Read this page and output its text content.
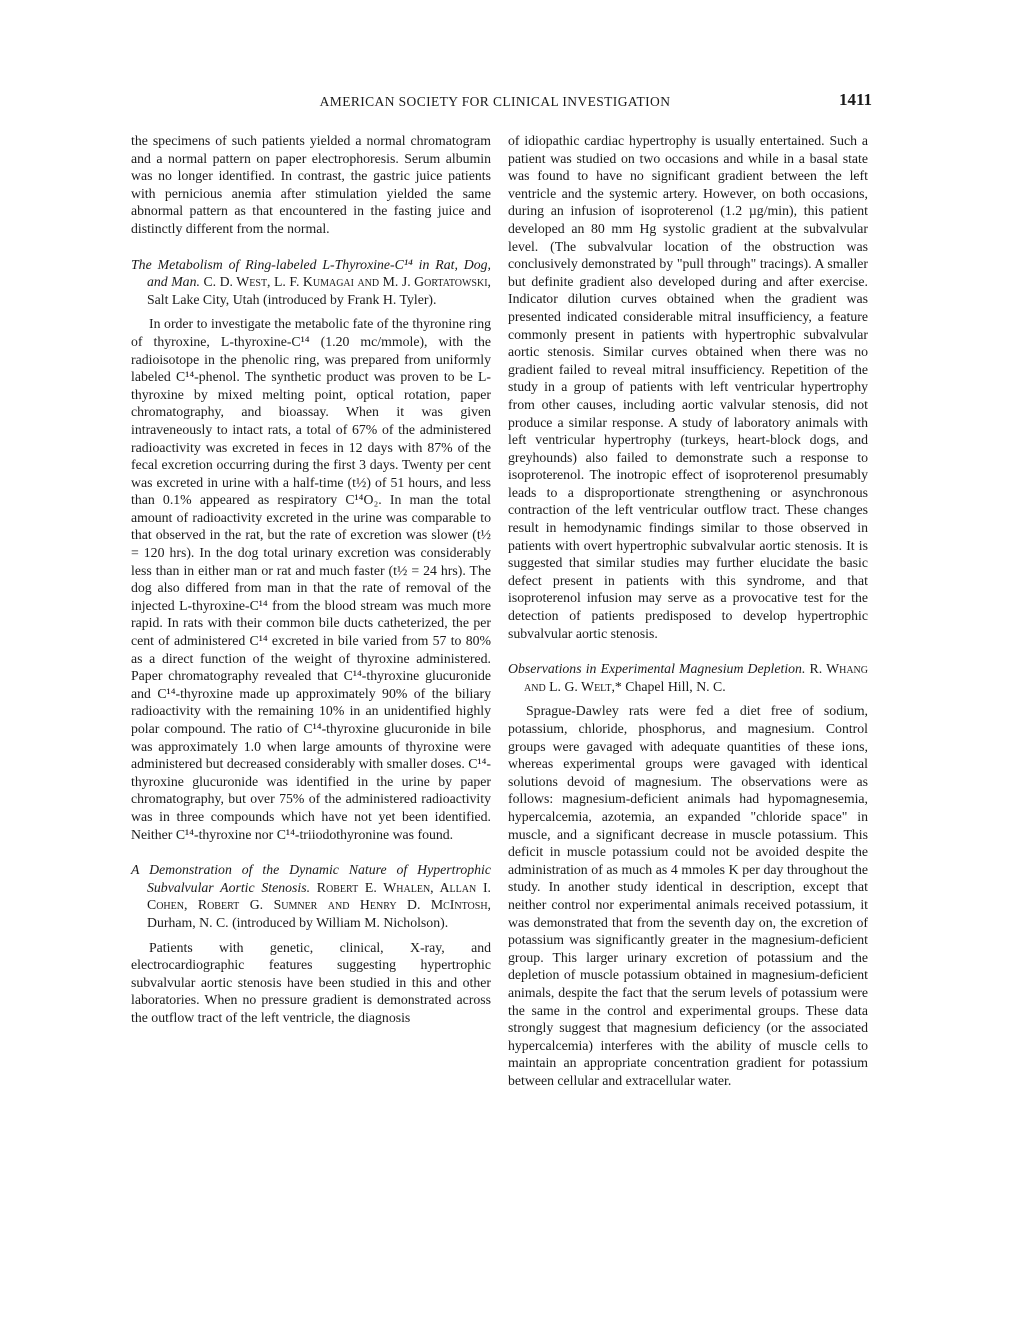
AMERICAN SOCIETY FOR CLINICAL INVESTIGATION	1411

the specimens of such patients yielded a normal chromatogram and a normal pattern on paper electrophoresis. Serum albumin was no longer identified. In contrast, the gastric juice patients with pernicious anemia after stimulation yielded the same abnormal pattern as that encountered in the fasting juice and distinctly different from the normal.

The Metabolism of Ring-labeled L-Thyroxine-C¹⁴ in Rat, Dog, and Man. C. D. West, L. F. Kumagai and M. J. Gortatowski, Salt Lake City, Utah (introduced by Frank H. Tyler).

In order to investigate the metabolic fate of the thyronine ring of thyroxine, L-thyroxine-C¹⁴ (1.20 mc/mmole), with the radioisotope in the phenolic ring, was prepared from uniformly labeled C¹⁴-phenol. The synthetic product was proven to be L-thyroxine by mixed melting point, optical rotation, paper chromatography, and bioassay. When it was given intraveneously to intact rats, a total of 67% of the administered radioactivity was excreted in feces in 12 days with 87% of the fecal excretion occurring during the first 3 days. Twenty per cent was excreted in urine with a half-time (t½) of 51 hours, and less than 0.1% appeared as respiratory C¹⁴O₂. In man the total amount of radioactivity excreted in the urine was comparable to that observed in the rat, but the rate of excretion was slower (t½ = 120 hrs). In the dog total urinary excretion was considerably less than in either man or rat and much faster (t½ = 24 hrs). The dog also differed from man in that the rate of removal of the injected L-thyroxine-C¹⁴ from the blood stream was much more rapid. In rats with their common bile ducts catheterized, the per cent of administered C¹⁴ excreted in bile varied from 57 to 80% as a direct function of the weight of thyroxine administered. Paper chromatography revealed that C¹⁴-thyroxine glucuronide and C¹⁴-thyroxine made up approximately 90% of the biliary radioactivity with the remaining 10% in an unidentified highly polar compound. The ratio of C¹⁴-thyroxine glucuronide in bile was approximately 1.0 when large amounts of thyroxine were administered but decreased considerably with smaller doses. C¹⁴-thyroxine glucuronide was identified in the urine by paper chromatography, but over 75% of the administered radioactivity was in three compounds which have not yet been identified. Neither C¹⁴-thyroxine nor C¹⁴-triiodothyronine was found.

A Demonstration of the Dynamic Nature of Hypertrophic Subvalvular Aortic Stenosis. Robert E. Whalen, Allan I. Cohen, Robert G. Sumner and Henry D. McIntosh, Durham, N. C. (introduced by William M. Nicholson).

Patients with genetic, clinical, X-ray, and electrocardiographic features suggesting hypertrophic subvalvular aortic stenosis have been studied in this and other laboratories. When no pressure gradient is demonstrated across the outflow tract of the left ventricle, the diagnosis

of idiopathic cardiac hypertrophy is usually entertained. Such a patient was studied on two occasions and while in a basal state was found to have no significant gradient between the left ventricle and the systemic artery. However, on both occasions, during an infusion of isoproterenol (1.2 µg/min), this patient developed an 80 mm Hg systolic gradient at the subvalvular level. (The subvalvular location of the obstruction was conclusively demonstrated by "pull through" tracings). A smaller but definite gradient also developed during and after exercise. Indicator dilution curves obtained when the gradient was presented indicated considerable mitral insufficiency, a feature commonly present in patients with hypertrophic subvalvular aortic stenosis. Similar curves obtained when there was no gradient failed to reveal mitral insufficiency. Repetition of the study in a group of patients with left ventricular hypertrophy from other causes, including aortic valvular stenosis, did not produce a similar response. A study of laboratory animals with left ventricular hypertrophy (turkeys, heart-block dogs, and greyhounds) also failed to demonstrate such a response to isoproterenol. The inotropic effect of isoproterenol presumably leads to a disproportionate strengthening or asynchronous contraction of the left ventricular outflow tract. These changes result in hemodynamic findings similar to those observed in patients with overt hypertrophic subvalvular aortic stenosis. It is suggested that similar studies may further elucidate the basic defect present in patients with this syndrome, and that isoproterenol infusion may serve as a provocative test for the detection of patients predisposed to develop hypertrophic subvalvular aortic stenosis.

Observations in Experimental Magnesium Depletion. R. Whang and L. G. Welt,* Chapel Hill, N. C.

Sprague-Dawley rats were fed a diet free of sodium, potassium, chloride, phosphorus, and magnesium. Control groups were gavaged with adequate quantities of these ions, whereas experimental groups were gavaged with identical solutions devoid of magnesium. The observations were as follows: magnesium-deficient animals had hypomagnesemia, hypercalcemia, azotemia, an expanded "chloride space" in muscle, and a significant decrease in muscle potassium. This deficit in muscle potassium could not be avoided despite the administration of as much as 4 mmoles K per day throughout the study. In another study identical in description, except that neither control nor experimental animals received potassium, it was demonstrated that from the seventh day on, the excretion of potassium was significantly greater in the magnesium-deficient group. This larger urinary excretion of potassium and the depletion of muscle potassium obtained in magnesium-deficient animals, despite the fact that the serum levels of potassium were the same in the control and experimental groups. These data strongly suggest that magnesium deficiency (or the associated hypercalcemia) interferes with the ability of muscle cells to maintain an appropriate concentration gradient for potassium between cellular and extracellular water.
